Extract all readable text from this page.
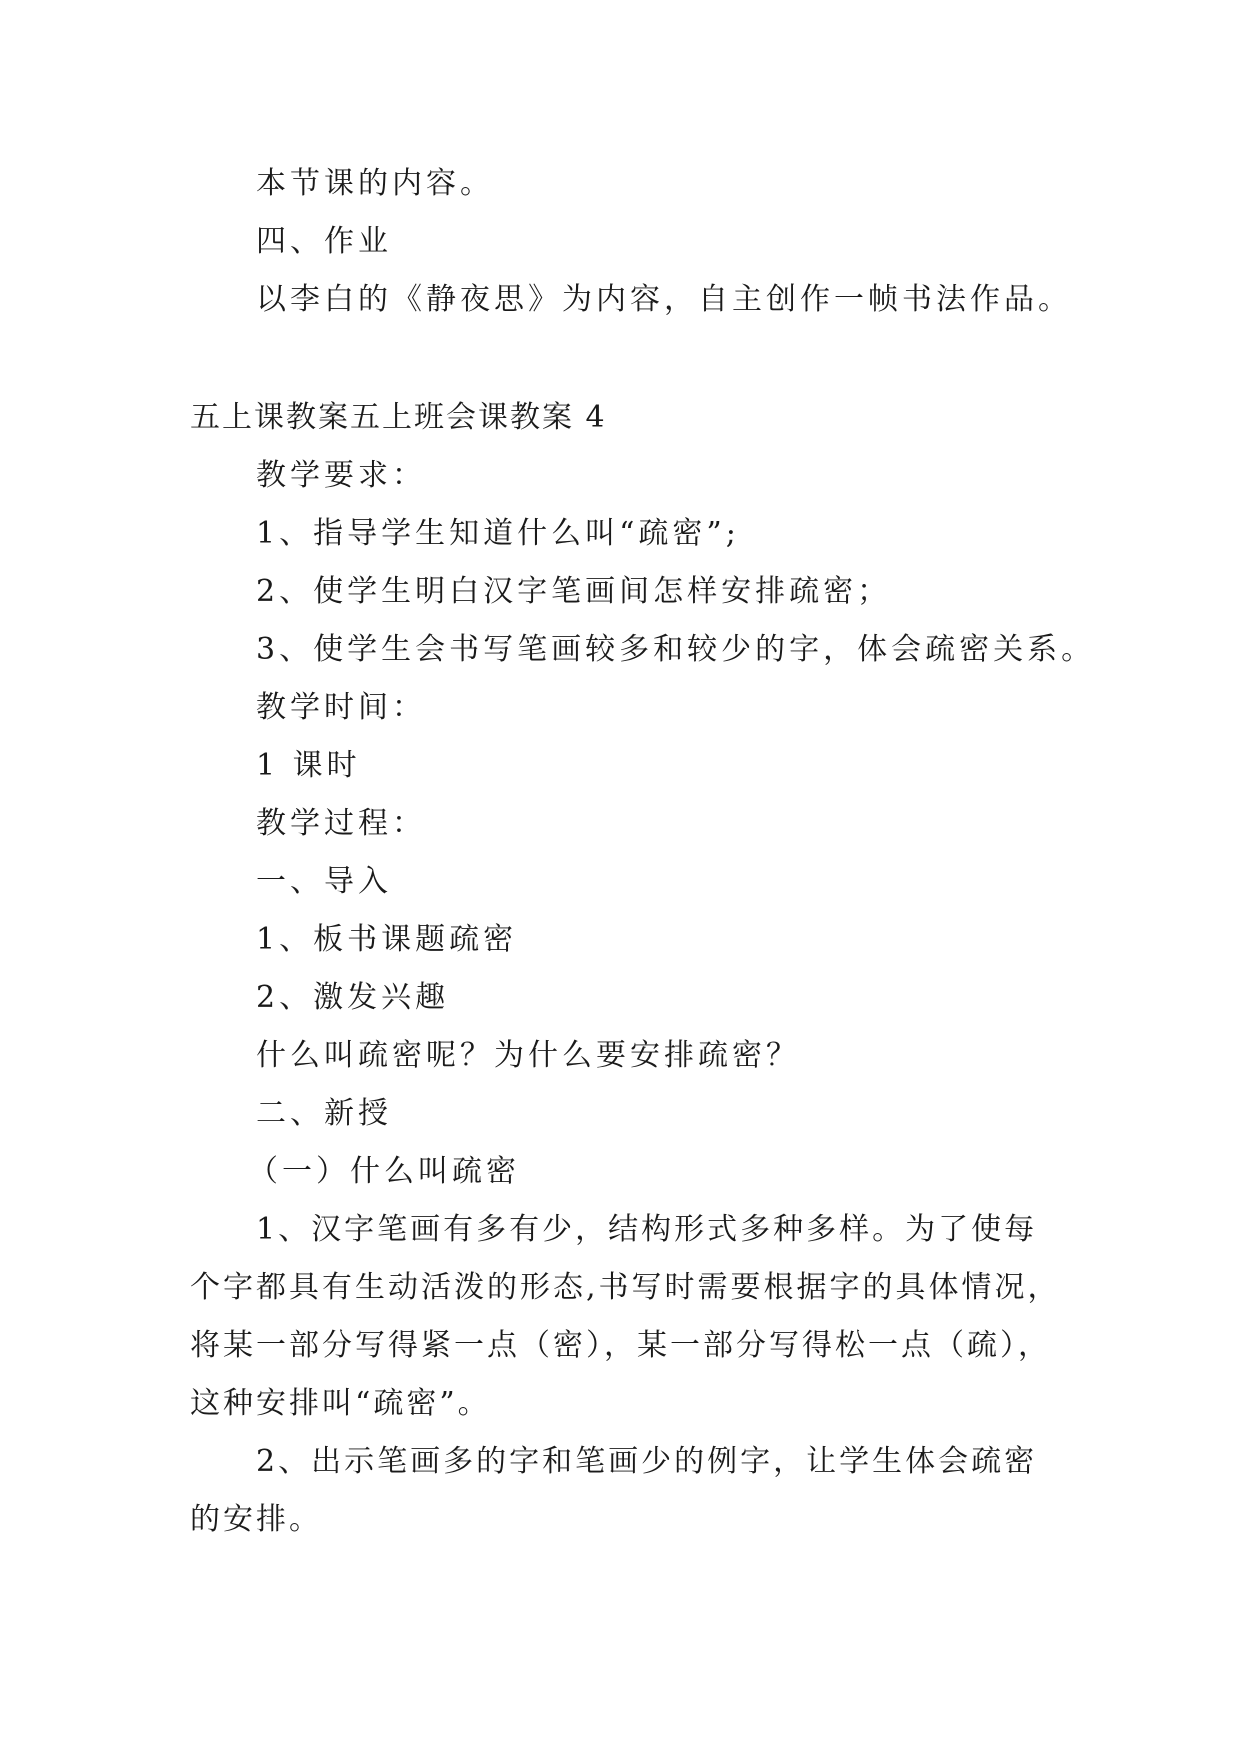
本节课的内容。
四、作业
以李白的《静夜思》为内容，自主创作一帧书法作品。
五上课教案五上班会课教案 4
教学要求：
1、指导学生知道什么叫“疏密”;
2、使学生明白汉字笔画间怎样安排疏密；
3、使学生会书写笔画较多和较少的字，体会疏密关系。
教学时间：
1 课时
教学过程：
一、导入
1、板书课题疏密
2、激发兴趣
什么叫疏密呢？为什么要安排疏密？
二、新授
（一）什么叫疏密
1、汉字笔画有多有少，结构形式多种多样。为了使每
个字都具有生动活泼的形态,书写时需要根据字的具体情况，
将某一部分写得紧一点（密），某一部分写得松一点（疏），
这种安排叫“疏密”。
2、出示笔画多的字和笔画少的例字，让学生体会疏密
的安排。
